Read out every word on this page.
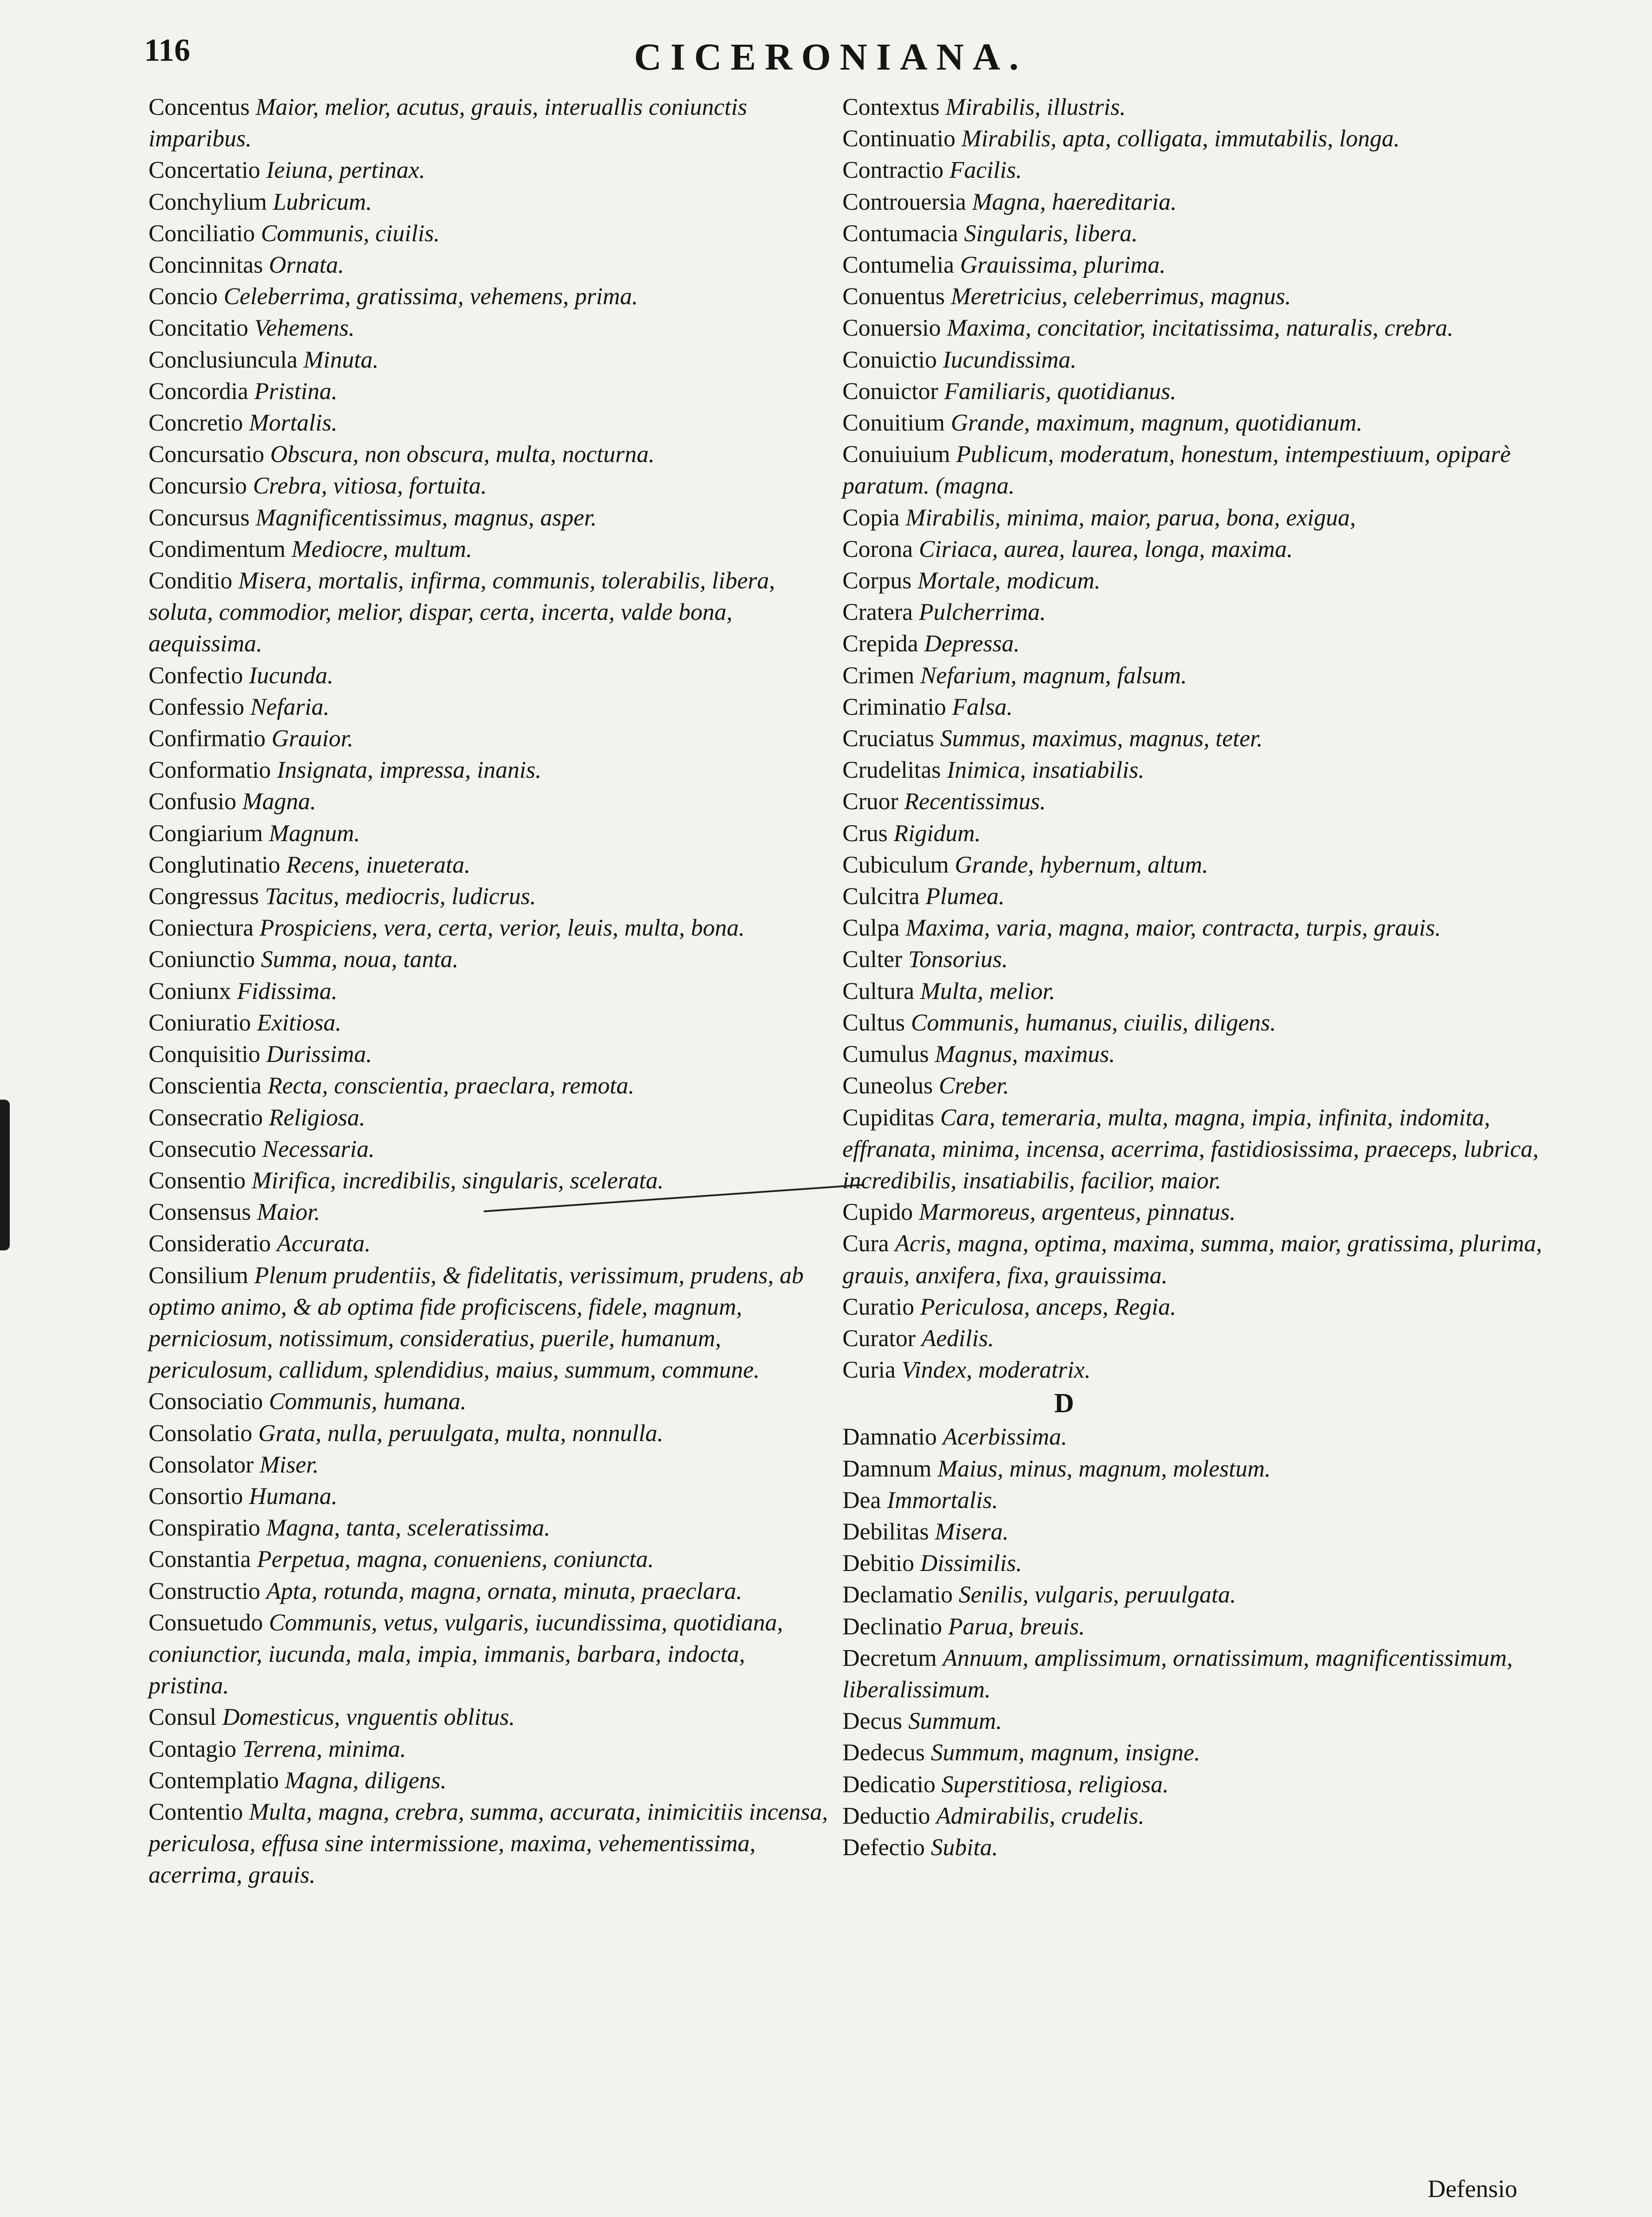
116	CICERONIANA.
Concentus Maior, melior, acutus, grauis, interuallis coniunctis imparibus.
Concertatio Ieiuna, pertinax.
Conchylium Lubricum.
Conciliatio Communis, ciuilis.
Concinnitas Ornata.
Concio Celeberrima, gratissima, vehemens, prima.
Concitatio Vehemens.
Conclusiuncula Minuta.
Concordia Pristina.
Concretio Mortalis.
Concursatio Obscura, non obscura, multa, nocturna.
Concursio Crebra, vitiosa, fortuita.
Concursus Magnificentissimus, magnus, asper.
Condimentum Mediocre, multum.
Conditio Misera, mortalis, infirma, communis, tolerabilis, libera, soluta, commodior, melior, dispar, certa, incerta, valde bona, aequissima.
Confectio Iucunda.
Confessio Nefaria.
Confirmatio Grauior.
Conformatio Insignata, impressa, inanis.
Confusio Magna.
Congiarium Magnum.
Conglutinatio Recens, inueterata.
Congressus Tacitus, mediocris, ludicrus.
Coniectura Prospiciens, vera, certa, verior, leuis, multa, bona.
Coniunctio Summa, noua, tanta.
Coniunx Fidissima.
Coniuratio Exitiosa.
Conquisitio Durissima.
Conscientia Recta, conscientia, praeclara, remota.
Consecratio Religiosa.
Consecutio Necessaria.
Consentio Mirifica, incredibilis, singularis, scelerata.
Consensus Maior.
Consideratio Accurata.
Consilium Plenum prudentiis, & fidelitatis, verissimum, prudens, ab optimo animo, & ab optima fide proficiscens, fidele, magnum, perniciosum, notissimum, consideratius, puerile, humanum, periculosum, callidum, splendidius, maius, summum, commune.
Consociatio Communis, humana.
Consolatio Grata, nulla, peruulgata, multa, nonnulla.
Consolator Miser.
Consortio Humana.
Conspiratio Magna, tanta, sceleratissima.
Constantia Perpetua, magna, conueniens, coniuncta.
Constructio Apta, rotunda, magna, ornata, minuta, praeclara.
Consuetudo Communis, vetus, vulgaris, iucundissima, quotidiana, coniunctior, iucunda, mala, impia, immanis, barbara, indocta, pristina.
Consul Domesticus, vnguentis oblitus.
Contagio Terrena, minima.
Contemplatio Magna, diligens.
Contentio Multa, magna, crebra, summa, accurata, inimicitiis incensa, periculosa, effusa sine intermissione, maxima, vehementissima, acerrima, grauis.
Contextus Mirabilis, illustris.
Continuatio Mirabilis, apta, colligata, immutabilis, longa.
Contractio Facilis.
Controuersia Magna, haereditaria.
Contumacia Singularis, libera.
Contumelia Grauissima, plurima.
Conuentus Meretricius, celeberrimus, magnus.
Conuersio Maxima, concitatior, incitatissima, naturalis, crebra.
Conuictio Iucundissima.
Conuictor Familiaris, quotidianus.
Conuitium Grande, maximum, magnum, quotidianum.
Conuiuium Publicum, moderatum, honestum, intempestiuum, opiparè paratum. (magna.
Copia Mirabilis, minima, maior, parua, bona, exigua,
Corona Ciriaca, aurea, laurea, longa, maxima.
Corpus Mortale, modicum.
Cratera Pulcherrima.
Crepida Depressa.
Crimen Nefarium, magnum, falsum.
Criminatio Falsa.
Cruciatus Summus, maximus, magnus, teter.
Crudelitas Inimica, insatiabilis.
Cruor Recentissimus.
Crus Rigidum.
Cubiculum Grande, hybernum, altum.
Culcitra Plumea.
Culpa Maxima, varia, magna, maior, contracta, turpis, grauis.
Culter Tonsorius.
Cultura Multa, melior.
Cultus Communis, humanus, ciuilis, diligens.
Cumulus Magnus, maximus.
Cuneolus Creber.
Cupiditas Cara, temeraria, multa, magna, impia, infinita, indomita, effranata, minima, incensa, acerrima, fastidiosissima, praeceps, lubrica, incredibilis, insatiabilis, facilior, maior.
Cupido Marmoreus, argenteus, pinnatus.
Cura Acris, magna, optima, maxima, summa, maior, gratissima, plurima, grauis, anxifera, fixa, grauissima.
Curatio Periculosa, anceps, Regia.
Curator Aedilis.
Curia Vindex, moderatrix.
D
Damnatio Acerbissima.
Damnum Maius, minus, magnum, molestum.
Dea Immortalis.
Debilitas Misera.
Debitio Dissimilis.
Declamatio Senilis, vulgaris, peruulgata.
Declinatio Parua, breuis.
Decretum Annuum, amplissimum, ornatissimum, magnificentissimum, liberalissimum.
Decus Summum.
Dedecus Summum, magnum, insigne.
Dedicatio Superstitiosa, religiosa.
Deductio Admirabilis, crudelis.
Defectio Subita.
Defensio
